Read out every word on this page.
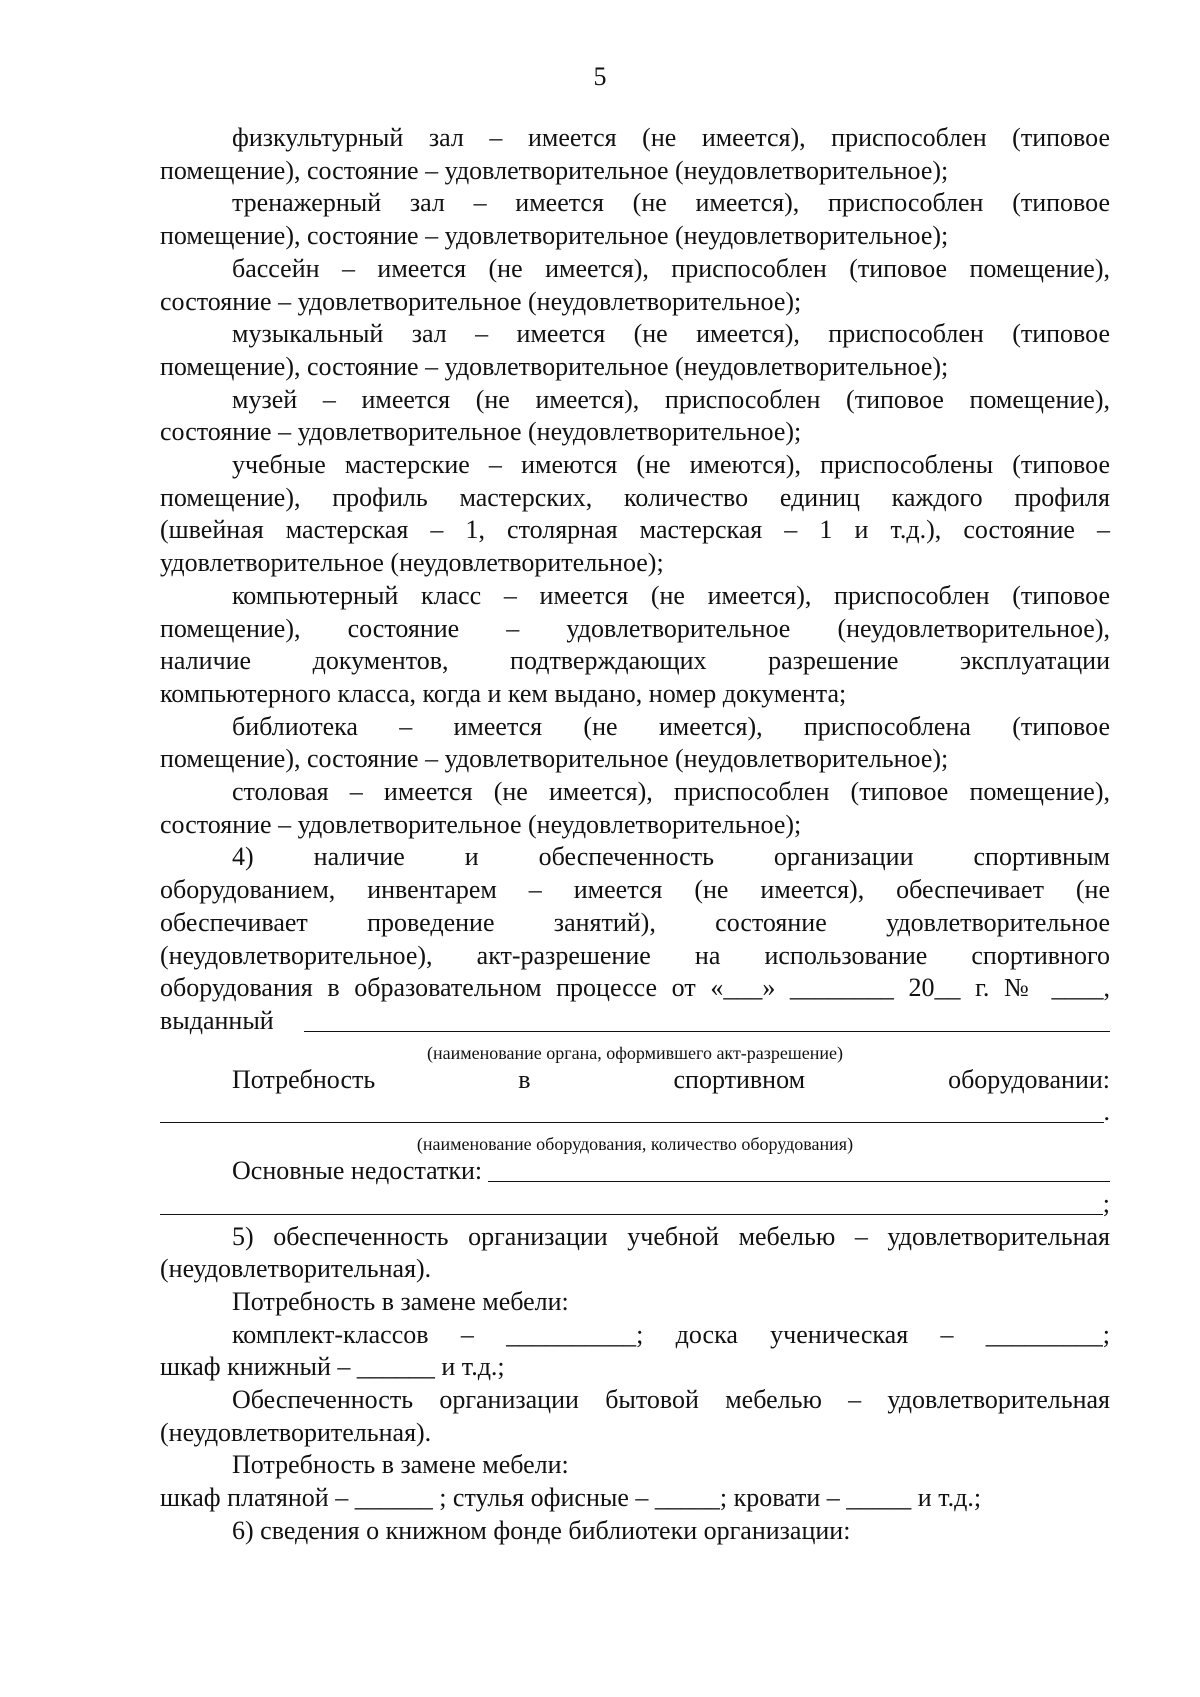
5
физкультурный зал – имеется (не имеется), приспособлен (типовое
помещение), состояние – удовлетворительное (неудовлетворительное);
тренажерный зал – имеется (не имеется), приспособлен (типовое
помещение), состояние – удовлетворительное (неудовлетворительное);
бассейн – имеется (не имеется), приспособлен (типовое помещение),
состояние – удовлетворительное (неудовлетворительное);
музыкальный зал – имеется (не имеется), приспособлен (типовое
помещение), состояние – удовлетворительное (неудовлетворительное);
музей – имеется (не имеется), приспособлен (типовое помещение),
состояние – удовлетворительное (неудовлетворительное);
учебные мастерские – имеются (не имеются), приспособлены (типовое
помещение), профиль мастерских, количество единиц каждого профиля
(швейная мастерская – 1, столярная мастерская – 1 и т.д.), состояние –
удовлетворительное (неудовлетворительное);
компьютерный класс – имеется (не имеется), приспособлен (типовое
помещение), состояние – удовлетворительное (неудовлетворительное),
наличие документов, подтверждающих разрешение эксплуатации
компьютерного класса, когда и кем выдано, номер документа;
библиотека – имеется (не имеется), приспособлена (типовое
помещение), состояние – удовлетворительное (неудовлетворительное);
столовая – имеется (не имеется), приспособлен (типовое помещение),
состояние – удовлетворительное (неудовлетворительное);
4) наличие и обеспеченность организации спортивным
оборудованием, инвентарем – имеется (не имеется), обеспечивает (не
обеспечивает проведение занятий), состояние удовлетворительное
(неудовлетворительное), акт-разрешение на использование спортивного
оборудования в образовательном процессе от «___» ________ 20__ г. № ____,
выданный
(наименование органа, оформившего акт-разрешение)
Потребность в спортивном оборудовании:
.
(наименование оборудования, количество оборудования)
Основные недостатки:
;
5) обеспеченность организации учебной мебелью – удовлетворительная
(неудовлетворительная).
Потребность в замене мебели:
комплект-классов – __________; доска ученическая – _________;
шкаф книжный – ______ и т.д.;
Обеспеченность организации бытовой мебелью – удовлетворительная
(неудовлетворительная).
Потребность в замене мебели:
шкаф платяной – ______ ; стулья офисные – _____; кровати – _____ и т.д.;
6) сведения о книжном фонде библиотеки организации:
